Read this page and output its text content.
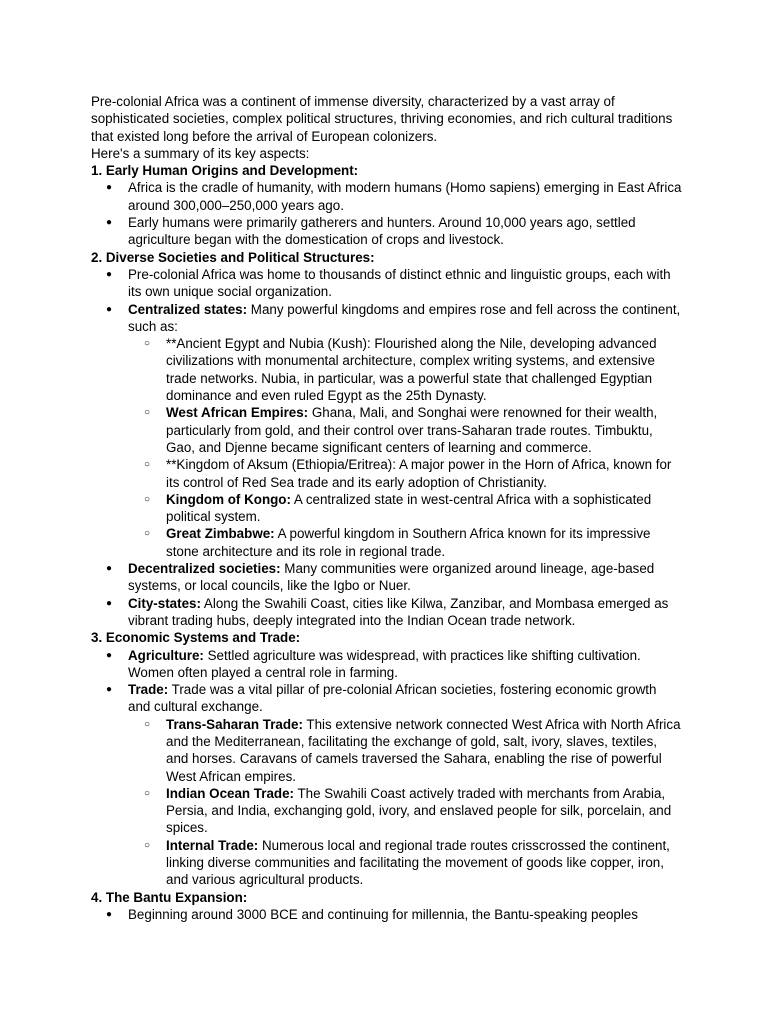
Pre-colonial Africa was a continent of immense diversity, characterized by a vast array of sophisticated societies, complex political structures, thriving economies, and rich cultural traditions that existed long before the arrival of European colonizers.

Here's a summary of its key aspects:

1. Early Human Origins and Development:

● Africa is the cradle of humanity, with modern humans (Homo sapiens) emerging in East Africa around 300,000–250,000 years ago.
● Early humans were primarily gatherers and hunters. Around 10,000 years ago, settled agriculture began with the domestication of crops and livestock.

2. Diverse Societies and Political Structures:

● Pre-colonial Africa was home to thousands of distinct ethnic and linguistic groups, each with its own unique social organization.
● Centralized states: Many powerful kingdoms and empires rose and fell across the continent, such as:
○ **Ancient Egypt and Nubia (Kush): Flourished along the Nile, developing advanced civilizations with monumental architecture, complex writing systems, and extensive trade networks. Nubia, in particular, was a powerful state that challenged Egyptian dominance and even ruled Egypt as the 25th Dynasty.
○ West African Empires: Ghana, Mali, and Songhai were renowned for their wealth, particularly from gold, and their control over trans-Saharan trade routes. Timbuktu, Gao, and Djenne became significant centers of learning and commerce.
○ **Kingdom of Aksum (Ethiopia/Eritrea): A major power in the Horn of Africa, known for its control of Red Sea trade and its early adoption of Christianity.
○ Kingdom of Kongo: A centralized state in west-central Africa with a sophisticated political system.
○ Great Zimbabwe: A powerful kingdom in Southern Africa known for its impressive stone architecture and its role in regional trade.
● Decentralized societies: Many communities were organized around lineage, age-based systems, or local councils, like the Igbo or Nuer.
● City-states: Along the Swahili Coast, cities like Kilwa, Zanzibar, and Mombasa emerged as vibrant trading hubs, deeply integrated into the Indian Ocean trade network.

3. Economic Systems and Trade:

● Agriculture: Settled agriculture was widespread, with practices like shifting cultivation. Women often played a central role in farming.
● Trade: Trade was a vital pillar of pre-colonial African societies, fostering economic growth and cultural exchange.
○ Trans-Saharan Trade: This extensive network connected West Africa with North Africa and the Mediterranean, facilitating the exchange of gold, salt, ivory, slaves, textiles, and horses. Caravans of camels traversed the Sahara, enabling the rise of powerful West African empires.
○ Indian Ocean Trade: The Swahili Coast actively traded with merchants from Arabia, Persia, and India, exchanging gold, ivory, and enslaved people for silk, porcelain, and spices.
○ Internal Trade: Numerous local and regional trade routes crisscrossed the continent, linking diverse communities and facilitating the movement of goods like copper, iron, and various agricultural products.

4. The Bantu Expansion:

● Beginning around 3000 BCE and continuing for millennia, the Bantu-speaking peoples
